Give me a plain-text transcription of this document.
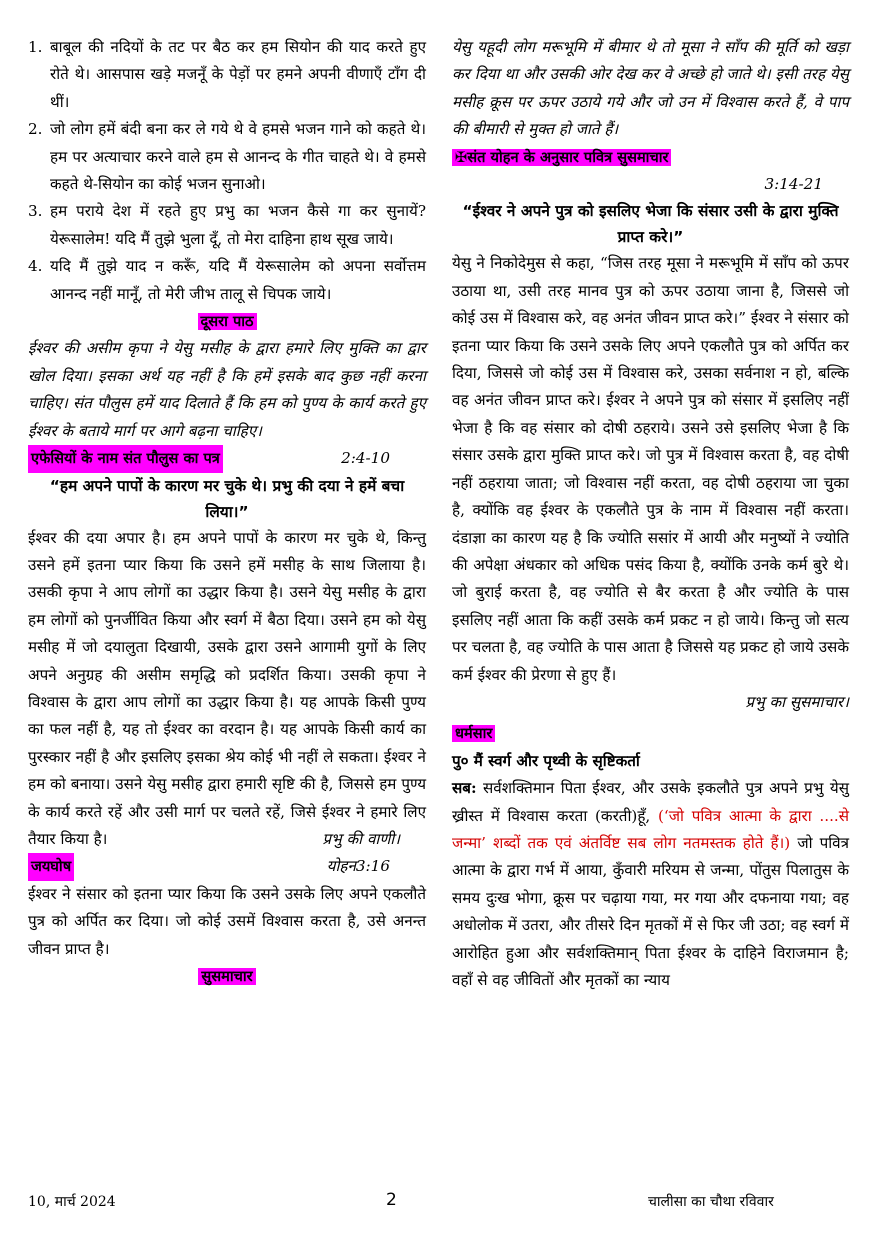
1. बाबूल की नदियों के तट पर बैठ कर हम सियोन की याद करते हुए रोते थे। आसपास खड़े मजनूँ के पेड़ों पर हमने अपनी वीणाएँ टाँग दी थीं।
2. जो लोग हमें बंदी बना कर ले गये थे वे हमसे भजन गाने को कहते थे। हम पर अत्याचार करने वाले हम से आनन्द के गीत चाहते थे। वे हमसे कहते थे-सियोन का कोई भजन सुनाओ।
3. हम पराये देश में रहते हुए प्रभु का भजन कैसे गा कर सुनायें? येरूसालेम! यदि मैं तुझे भुला दूँ, तो मेरा दाहिना हाथ सूख जाये।
4. यदि मैं तुझे याद न करूँ, यदि मैं येरूसालेम को अपना सर्वोत्तम आनन्द नहीं मानूँ, तो मेरी जीभ तालू से चिपक जाये।
दूसरा पाठ
ईश्वर की असीम कृपा ने येसु मसीह के द्वारा हमारे लिए मुक्ति का द्वार खोल दिया। इसका अर्थ यह नहीं है कि हमें इसके बाद कुछ नहीं करना चाहिए। संत पौलुस हमें याद दिलाते हैं कि हम को पुण्य के कार्य करते हुए ईश्वर के बताये मार्ग पर आगे बढ़ना चाहिए।
एफेसियों के नाम संत पौलुस का पत्र	2:4-10
“हम अपने पापों के कारण मर चुके थे। प्रभु की दया ने हमें बचा लिया।”
ईश्वर की दया अपार है। हम अपने पापों के कारण मर चुके थे, किन्तु उसने हमें इतना प्यार किया कि उसने हमें मसीह के साथ जिलाया है। उसकी कृपा ने आप लोगों का उद्धार किया है। उसने येसु मसीह के द्वारा हम लोगों को पुनर्जीवित किया और स्वर्ग में बैठा दिया। उसने हम को येसु मसीह में जो दयालुता दिखायी, उसके द्वारा उसने आगामी युगों के लिए अपने अनुग्रह की असीम समृद्धि को प्रदर्शित किया। उसकी कृपा ने विश्वास के द्वारा आप लोगों का उद्धार किया है। यह आपके किसी पुण्य का फल नहीं है, यह तो ईश्वर का वरदान है। यह आपके किसी कार्य का पुरस्कार नहीं है और इसलिए इसका श्रेय कोई भी नहीं ले सकता। ईश्वर ने हम को बनाया। उसने येसु मसीह द्वारा हमारी सृष्टि की है, जिससे हम पुण्य के कार्य करते रहें और उसी मार्ग पर चलते रहें, जिसे ईश्वर ने हमारे लिए तैयार किया है।	प्रभु की वाणी।
जयघोष	योहन3:16
ईश्वर ने संसार को इतना प्यार किया कि उसने उसके लिए अपने एकलौते पुत्र को अर्पित कर दिया। जो कोई उसमें विश्वास करता है, उसे अनन्त जीवन प्राप्त है।
सुसमाचार
येसु यहूदी लोग मरूभूमि में बीमार थे तो मूसा ने साँप की मूर्ति को खड़ा कर दिया था और उसकी ओर देख कर वे अच्छे हो जाते थे। इसी तरह येसु मसीह क्रूस पर ऊपर उठाये गये और जो उन में विश्वास करते हैं, वे पाप की बीमारी से मुक्त हो जाते हैं।
✠संत योहन के अनुसार पवित्र सुसमाचार
3:14-21
“ईश्वर ने अपने पुत्र को इसलिए भेजा कि संसार उसी के द्वारा मुक्ति प्राप्त करे।”
येसु ने निकोदेमुस से कहा, “जिस तरह मूसा ने मरूभूमि में साँप को ऊपर उठाया था, उसी तरह मानव पुत्र को ऊपर उठाया जाना है, जिससे जो कोई उस में विश्वास करे, वह अनंत जीवन प्राप्त करे।” ईश्वर ने संसार को इतना प्यार किया कि उसने उसके लिए अपने एकलौते पुत्र को अर्पित कर दिया, जिससे जो कोई उस में विश्वास करे, उसका सर्वनाश न हो, बल्कि वह अनंत जीवन प्राप्त करे। ईश्वर ने अपने पुत्र को संसार में इसलिए नहीं भेजा है कि वह संसार को दोषी ठहराये। उसने उसे इसलिए भेजा है कि संसार उसके द्वारा मुक्ति प्राप्त करे। जो पुत्र में विश्वास करता है, वह दोषी नहीं ठहराया जाता; जो विश्वास नहीं करता, वह दोषी ठहराया जा चुका है, क्योंकि वह ईश्वर के एकलौते पुत्र के नाम में विश्वास नहीं करता। दंडाज्ञा का कारण यह है कि ज्योति ससांर में आयी और मनुष्यों ने ज्योति की अपेक्षा अंधकार को अधिक पसंद किया है, क्योंकि उनके कर्म बुरे थे। जो बुराई करता है, वह ज्योति से बैर करता है और ज्योति के पास इसलिए नहीं आता कि कहीं उसके कर्म प्रकट न हो जाये। किन्तु जो सत्य पर चलता है, वह ज्योति के पास आता है जिससे यह प्रकट हो जाये उसके कर्म ईश्वर की प्रेरणा से हुए हैं।
प्रभु का सुसमाचार।
धर्मसार
पु० मैं स्वर्ग और पृथ्वी के सृष्टिकर्ता
सब: सर्वशक्तिमान पिता ईश्वर, और उसके इकलौते पुत्र अपने प्रभु येसु ख्रीस्त में विश्वास करता (करती)हूँ, (‘जो पवित्र आत्मा के द्वारा ....से जन्मा’ शब्दों तक एवं अंतर्विष्ट सब लोग नतमस्तक होते हैं।) जो पवित्र आत्मा के द्वारा गर्भ में आया, कुँवारी मरियम से जन्मा, पोंतुस पिलातुस के समय दुःख भोगा, क्रूस पर चढ़ाया गया, मर गया और दफनाया गया; वह अधोलोक में उतरा, और तीसरे दिन मृतकों में से फिर जी उठा; वह स्वर्ग में आरोहित हुआ और सर्वशक्तिमान् पिता ईश्वर के दाहिने विराजमान है; वहाँ से वह जीवितों और मृतकों का न्याय
10, मार्च 2024	2	चालीसा का चौथा रविवार
